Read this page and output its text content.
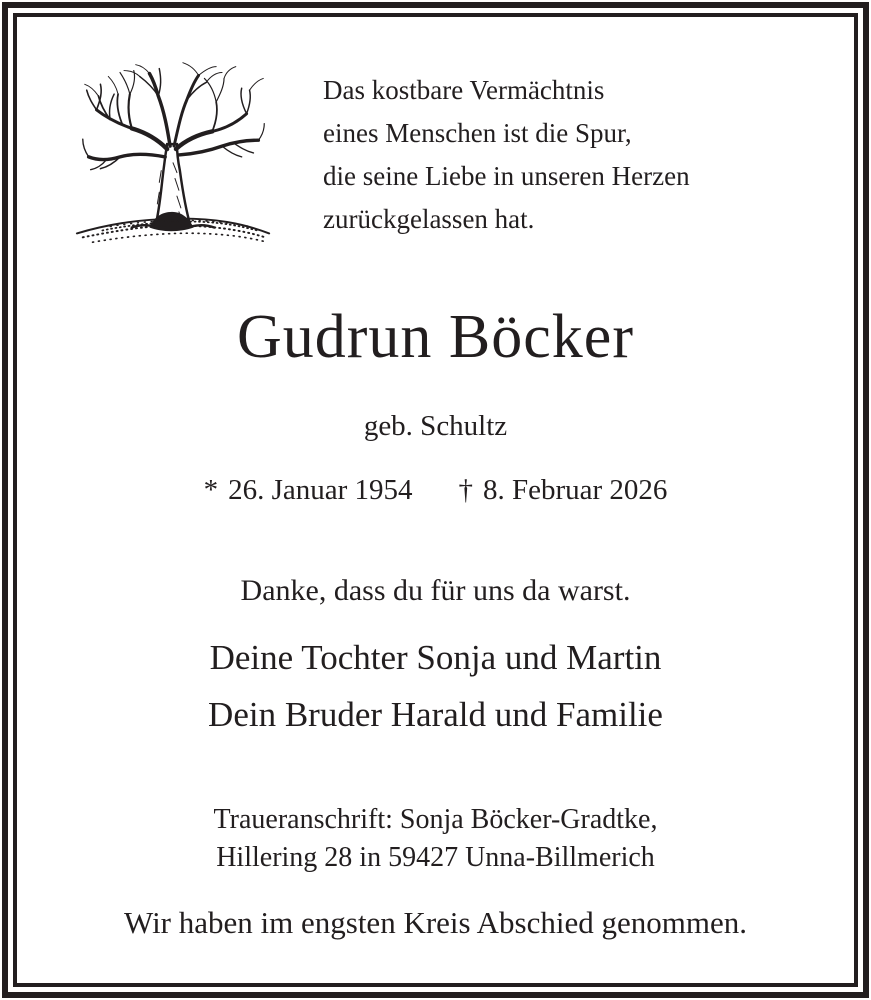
Das kostbare Vermächtnis
eines Menschen ist die Spur,
die seine Liebe in unseren Herzen
zurückgelassen hat.
Gudrun Böcker
geb. Schultz
* 26. Januar 1954 † 8. Februar 2026
Danke, dass du für uns da warst.
Deine Tochter Sonja und Martin
Dein Bruder Harald und Familie
Traueranschrift: Sonja Böcker-Gradtke,
Hillering 28 in 59427 Unna-Billmerich
Wir haben im engsten Kreis Abschied genommen.
